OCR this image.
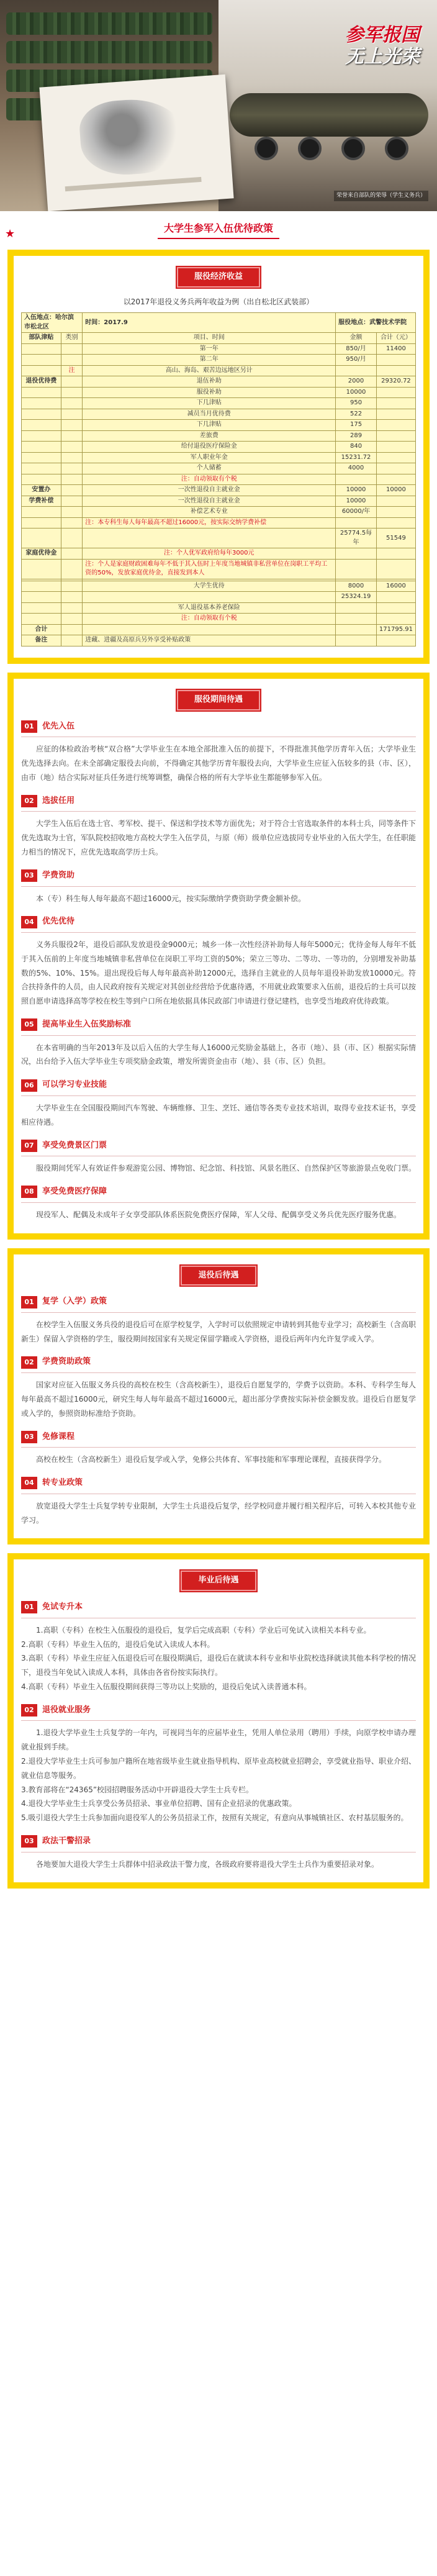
参军报国
无上光荣
荣誉来自部队的荣辱（学生义务兵）
★	大学生参军入伍优待政策
服役经济收益
以2017年退役义务兵两年收益为例（出自松北区武装部）
入伍地点：哈尔滨市松北区		时间：2017.9	服役地点：武警技术学院	
部队津贴	类别	项目、时间	金额	合计（元）
		第一年	850/月	11400
		第二年	950/月	
	注	高山、海岛、艰苦边远地区另计		
退役优待费		退伍补助	2000	29320.72
		服役补助	10000	
		下几津贴	950	
		减员当月优待费	522	
		下几津贴	175	
		差旅费	289	
		给付退役医疗保险金	840	
		军人职业年金	15231.72	
		个人储蓄	4000	
		注：自动领取有个税		
安置办		一次性退役自主就业金	10000	10000
学费补偿		一次性退役自主就业金	10000	
		补偿艺术专业	60000/年	
		注：本专科生每人每年最高不超过16000元，按实际交纳学费补偿		
			25774.5每年	51549
家庭优待金		注：个人优军政府给每年3000元		
		注：个人是家庭财政困难每年不低于其入伍时上年度当地城镇非私营单位在岗职工平均工资的50%，发放家庭优待金，直接发到本人		

		大学生优待	8000	16000
			25324.19	
		军人退役基本养老保险		
		注：自动领取有个税		
合计				171795.91
备注		进藏、进疆及高原兵另外享受补贴政策		
服役期间待遇
01	优先入伍

应征的体检政治考核“双合格”大学毕业生在本地全部批准入伍的前提下，不得批准其他学历青年入伍；大学毕业生优先选择去向。在未全部确定服役去向前，不得确定其他学历青年服役去向，大学毕业生应征入伍较多的县（市、区），由市（地）结合实际对征兵任务进行统筹调整，确保合格的所有大学毕业生都能够参军入伍。

02	选拔任用

大学生入伍后在选士官、考军校、提干、保送和学技术等方面优先；对于符合士官选取条件的本科士兵，同等条件下优先选取为士官，军队院校招收地方高校大学生入伍学员，与原（师）级单位应选拔同专业毕业的入伍大学生，在任职能力相当的情况下，应优先选取高学历士兵。

03	学费资助

本（专）科生每人每年最高不超过16000元，按实际缴纳学费资助学费金额补偿。

04	优先优待

义务兵服役2年，退役后部队发放退役金9000元；城乡一体一次性经济补助每人每年5000元；优待金每人每年不低于其入伍前的上年度当地城镇非私营单位在岗职工平均工资的50%；荣立三等功、二等功、一等功的，分别增发补助基数的5%、10%、15%。退出现役后每人每年最高补助12000元，选择自主就业的人员每年退役补助发放10000元。符合扶持条件的人员，由人民政府按有关规定对其创业经营给予优惠待遇，不用就业政策要求入伍前，退役后的士兵可以按照自愿申请选择高等学校在校生等到户口所在地依据具体民政部门申请进行登记建档，也享受当地政府优待政策。

05	提高毕业生入伍奖励标准

在本省明确的当年2013年及以后入伍的大学生每人16000元奖励金基础上，各市（地）、县（市、区）根据实际情况，出台给予入伍大学毕业生专项奖励金政策，增发所需资金由市（地）、县（市、区）负担。

06	可以学习专业技能

大学毕业生在全国服役期间汽车驾驶、车辆维修、卫生、烹饪、通信等各类专业技术培训，取得专业技术证书，享受相应待遇。

07	享受免费景区门票

服役期间凭军人有效证件参观游览公园、博物馆、纪念馆、科技馆、风景名胜区、自然保护区等旅游景点免收门票。

08	享受免费医疗保障

现役军人、配偶及未成年子女享受部队体系医院免费医疗保障，军人父母、配偶享受义务兵优先医疗服务优惠。

退役后待遇
01	复学（入学）政策

在校学生入伍服义务兵役的退役后可在原学校复学，入学时可以依照规定申请转到其他专业学习；高校新生（含高职新生）保留入学资格的学生，服役期间按国家有关规定保留学籍或入学资格，退役后两年内允许复学或入学。

02	学费资助政策

国家对应征入伍服义务兵役的高校在校生（含高校新生），退役后自愿复学的，学费予以资助。本科、专科学生每人每年最高不超过16000元，研究生每人每年最高不超过16000元，超出部分学费按实际补偿金额发放。退役后自愿复学或入学的，参照资助标准给予资助。

03	免修课程

高校在校生（含高校新生）退役后复学或入学，免修公共体育、军事技能和军事理论课程，直接获得学分。

04	转专业政策

放宽退役大学生士兵复学转专业限制，大学生士兵退役后复学，经学校同意并履行相关程序后，可转入本校其他专业学习。

毕业后待遇
01	免试专升本

1.高职（专科）在校生入伍服役的退役后，复学后完成高职（专科）学业后可免试入读相关本科专业。
2.高职（专科）毕业生入伍的，退役后免试入读成人本科。
3.高职（专科）毕业生应征入伍退役后可在服役期满后，退役后在就读本科专业和毕业院校选择就读其他本科学校的情况下，退役当年免试入读成人本科，具体由各省份按实际执行。
4.高职（专科）毕业生入伍服役期间获得三等功以上奖励的，退役后免试入读普通本科。

02	退役就业服务

1.退役大学毕业生士兵复学的一年内，可视同当年的应届毕业生，凭用人单位录用（聘用）手续，向原学校申请办理就业报到手续。
2.退役大学毕业生士兵可参加户籍所在地省级毕业生就业指导机构、原毕业高校就业招聘会，享受就业指导、职业介绍、就业信息等服务。
3.教育部将在“24365”校园招聘服务活动中开辟退役大学生士兵专栏。
4.退役大学毕业生士兵享受公务员招录、事业单位招聘、国有企业招录的优惠政策。
5.吸引退役大学生士兵参加面向退役军人的公务员招录工作，按照有关规定，有意向从事城镇社区、农村基层服务的。

03	政法干警招录

各地要加大退役大学生士兵群体中招录政法干警力度，各级政府要将退役大学生士兵作为重要招录对象。
